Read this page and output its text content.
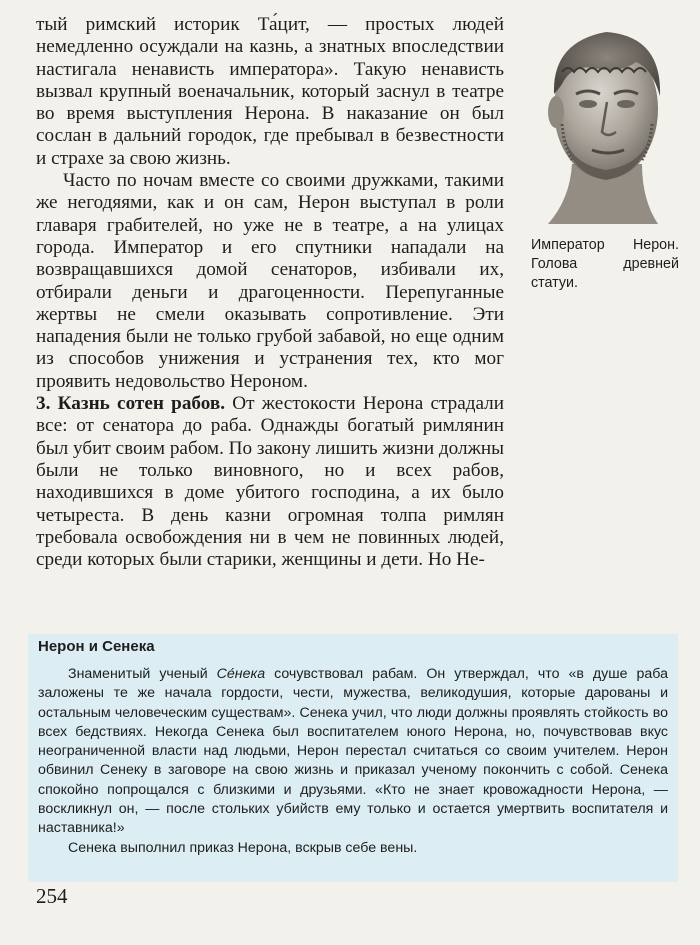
тый римский историк Та́цит, — простых людей немедленно осуждали на казнь, а знатных впоследствии настигала ненависть императора». Такую ненависть вызвал крупный военачальник, который заснул в театре во время выступления Нерона. В наказание он был сослан в дальний городок, где пребывал в безвестности и страхе за свою жизнь.

Часто по ночам вместе со своими дружками, такими же негодяями, как и он сам, Нерон выступал в роли главаря грабителей, но уже не в театре, а на улицах города. Император и его спутники нападали на возвращавшихся домой сенаторов, избивали их, отбирали деньги и драгоценности. Перепуганные жертвы не смели оказывать сопротивление. Эти нападения были не только грубой забавой, но еще одним из способов унижения и устранения тех, кто мог проявить недовольство Нероном.

3. Казнь сотен рабов. От жестокости Нерона страдали все: от сенатора до раба. Однажды богатый римлянин был убит своим рабом. По закону лишить жизни должны были не только виновного, но и всех рабов, находившихся в доме убитого господина, а их было четыреста. В день казни огромная толпа римлян требовала освобождения ни в чем не повинных людей, среди которых были старики, женщины и дети. Но Не-

Император Нерон. Голова древней статуи.
Нерон и Сенека

Знаменитый ученый Се́нека сочувствовал рабам. Он утверждал, что «в душе раба заложены те же начала гордости, чести, мужества, великодушия, которые дарованы и остальным человеческим существам». Сенека учил, что люди должны проявлять стойкость во всех бедствиях. Некогда Сенека был воспитателем юного Нерона, но, почувствовав вкус неограниченной власти над людьми, Нерон перестал считаться со своим учителем. Нерон обвинил Сенеку в заговоре на свою жизнь и приказал ученому покончить с собой. Сенека спокойно попрощался с близкими и друзьями. «Кто не знает кровожадности Нерона, — воскликнул он, — после стольких убийств ему только и остается умертвить воспитателя и наставника!»

Сенека выполнил приказ Нерона, вскрыв себе вены.

254
